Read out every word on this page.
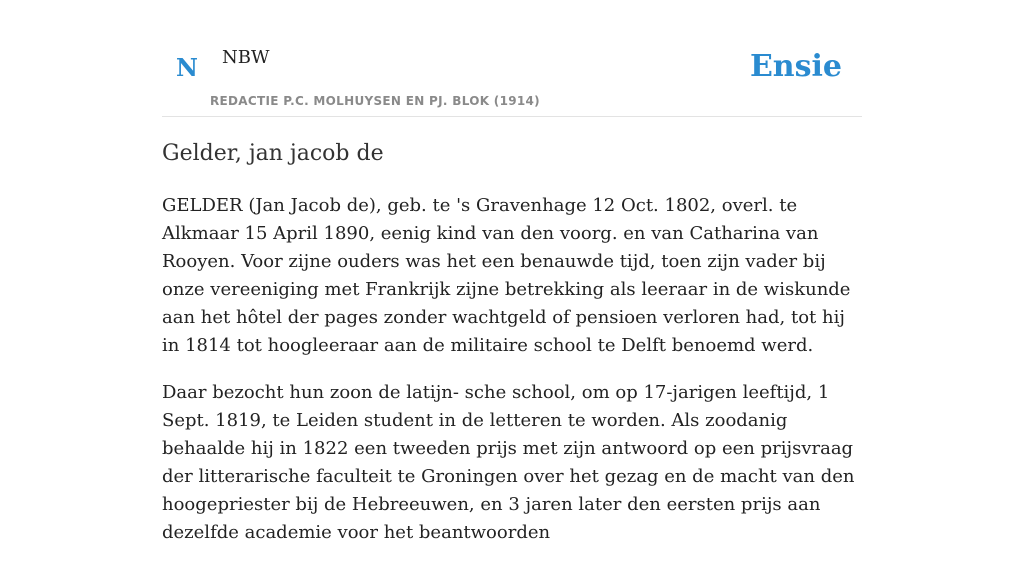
N NBW
REDACTIE P.C. MOLHUYSEN EN PJ. BLOK (1914)
Ensie
Gelder, jan jacob de

GELDER (Jan Jacob de), geb. te 's Gravenhage 12 Oct. 1802, overl. te Alkmaar 15 April 1890, eenig kind van den voorg. en van Catharina van Rooyen. Voor zijne ouders was het een benauwde tijd, toen zijn vader bij onze vereeniging met Frankrijk zijne betrekking als leeraar in de wiskunde aan het hôtel der pages zonder wachtgeld of pensioen verloren had, tot hij in 1814 tot hoogleeraar aan de militaire school te Delft benoemd werd.

Daar bezocht hun zoon de latijn- sche school, om op 17-jarigen leeftijd, 1 Sept. 1819, te Leiden student in de letteren te worden. Als zoodanig behaalde hij in 1822 een tweeden prijs met zijn antwoord op een prijsvraag der litterarische faculteit te Groningen over het gezag en de macht van den hoogepriester bij de Hebreeuwen, en 3 jaren later den eersten prijs aan dezelfde academie voor het beantwoorden
